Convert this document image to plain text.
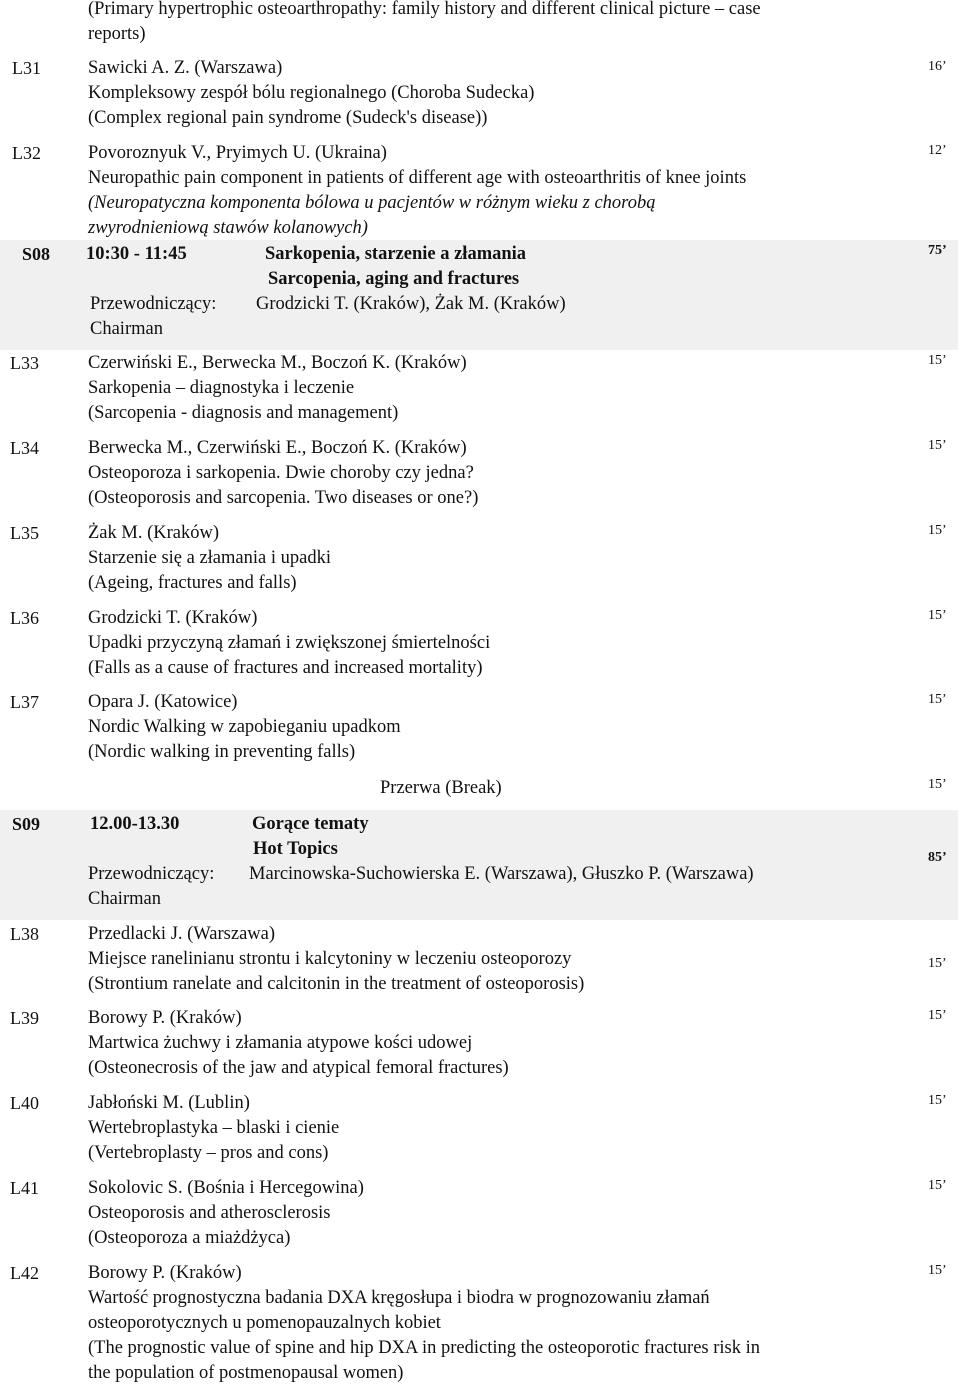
(Primary hypertrophic osteoarthropathy: family history and different clinical picture – case
reports)
L31	Sawicki A. Z. (Warszawa)
Kompleksowy zespół bólu regionalnego (Choroba Sudecka)
(Complex regional pain syndrome (Sudeck's disease))
16’
L32	Povoroznyuk V., Pryimych U. (Ukraina)
Neuropathic pain component in patients of different age with osteoarthritis of knee joints
(Neuropatyczna komponenta bólowa u pacjentów w różnym wieku z chorobą
zwyrodnieniową stawów kolanowych)
12’
S08 10:30 - 11:45	Sarkopenia, starzenie a złamania
Sarcopenia, aging and fractures
Przewodniczący: Grodzicki T. (Kraków), Żak M. (Kraków)
Chairman
75’
L33	Czerwiński E., Berwecka M., Boczoń K. (Kraków)
Sarkopenia – diagnostyka i leczenie
(Sarcopenia - diagnosis and management)
15’
L34	Berwecka M., Czerwiński E., Boczoń K. (Kraków)
Osteoporoza i sarkopenia. Dwie choroby czy jedna?
(Osteoporosis and sarcopenia. Two diseases or one?)
15’
L35	Żak M. (Kraków)
Starzenie się a złamania i upadki
(Ageing, fractures and falls)
15’
L36	Grodzicki T. (Kraków)
Upadki przyczyną złamań i zwiększonej śmiertelności
(Falls as a cause of fractures and increased mortality)
15’
L37	Opara J. (Katowice)
Nordic Walking w zapobieganiu upadkom
(Nordic walking in preventing falls)
15’
Przerwa (Break)	15’
S09	12.00-13.30	Gorące tematy
Hot Topics
Przewodniczący: Marcinowska-Suchowierska E. (Warszawa), Głuszko P. (Warszawa)
Chairman
85’
L38	Przedlacki J. (Warszawa)
Miejsce ranelinianu strontu i kalcytoniny w leczeniu osteoporozy
(Strontium ranelate and calcitonin in the treatment of osteoporosis)
15’
L39	Borowy P. (Kraków)
Martwica żuchwy i złamania atypowe kości udowej
(Osteonecrosis of the jaw and atypical femoral fractures)
15’
L40	Jabłoński M. (Lublin)
Wertebroplastyka – blaski i cienie
(Vertebroplasty – pros and cons)
15’
L41	Sokolovic S. (Bośnia i Hercegowina)
Osteoporosis and atherosclerosis
(Osteoporoza a miażdżyca)
15’
L42	Borowy P. (Kraków)
Wartość prognostyczna badania DXA kręgosłupa i biodra w prognozowaniu złamań
osteoporotycznych u pomenopauzalnych kobiet
(The prognostic value of spine and hip DXA in predicting the osteoporotic fractures risk in
the population of postmenopausal women)
15’
